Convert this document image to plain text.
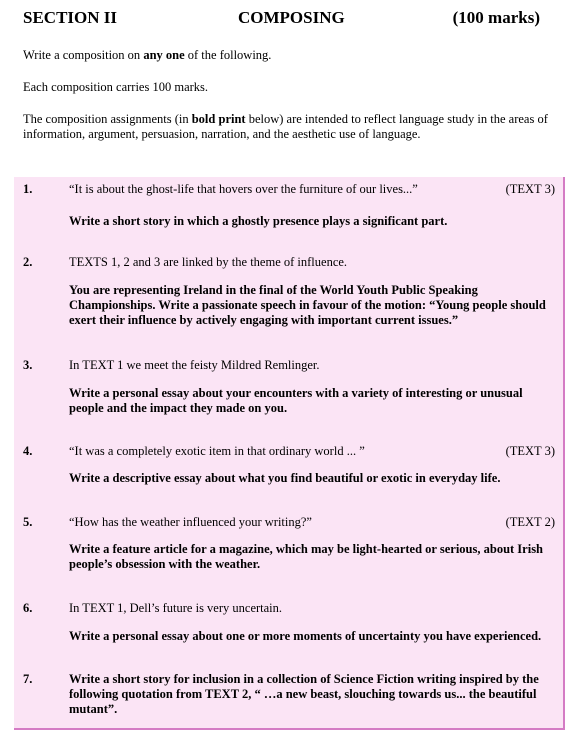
SECTION II	COMPOSING	(100 marks)

Write a composition on any one of the following.

Each composition carries 100 marks.

The composition assignments (in bold print below) are intended to reflect language study in the areas of information, argument, persuasion, narration, and the aesthetic use of language.

1.	“It is about the ghost-life that hovers over the furniture of our lives...”	(TEXT 3)
Write a short story in which a ghostly presence plays a significant part.
2.	TEXTS 1, 2 and 3 are linked by the theme of influence.
You are representing Ireland in the final of the World Youth Public Speaking Championships. Write a passionate speech in favour of the motion: “Young people should exert their influence by actively engaging with important current issues.”
3.	In TEXT 1 we meet the feisty Mildred Remlinger.
Write a personal essay about your encounters with a variety of interesting or unusual people and the impact they made on you.
4.	“It was a completely exotic item in that ordinary world ... ”	(TEXT 3)
Write a descriptive essay about what you find beautiful or exotic in everyday life.
5.	“How has the weather influenced your writing?”	(TEXT 2)
Write a feature article for a magazine, which may be light-hearted or serious, about Irish people’s obsession with the weather.
6.	In TEXT 1, Dell’s future is very uncertain.
Write a personal essay about one or more moments of uncertainty you have experienced.
7.	Write a short story for inclusion in a collection of Science Fiction writing inspired by the following quotation from TEXT 2, “ …a new beast, slouching towards us... the beautiful mutant”.
